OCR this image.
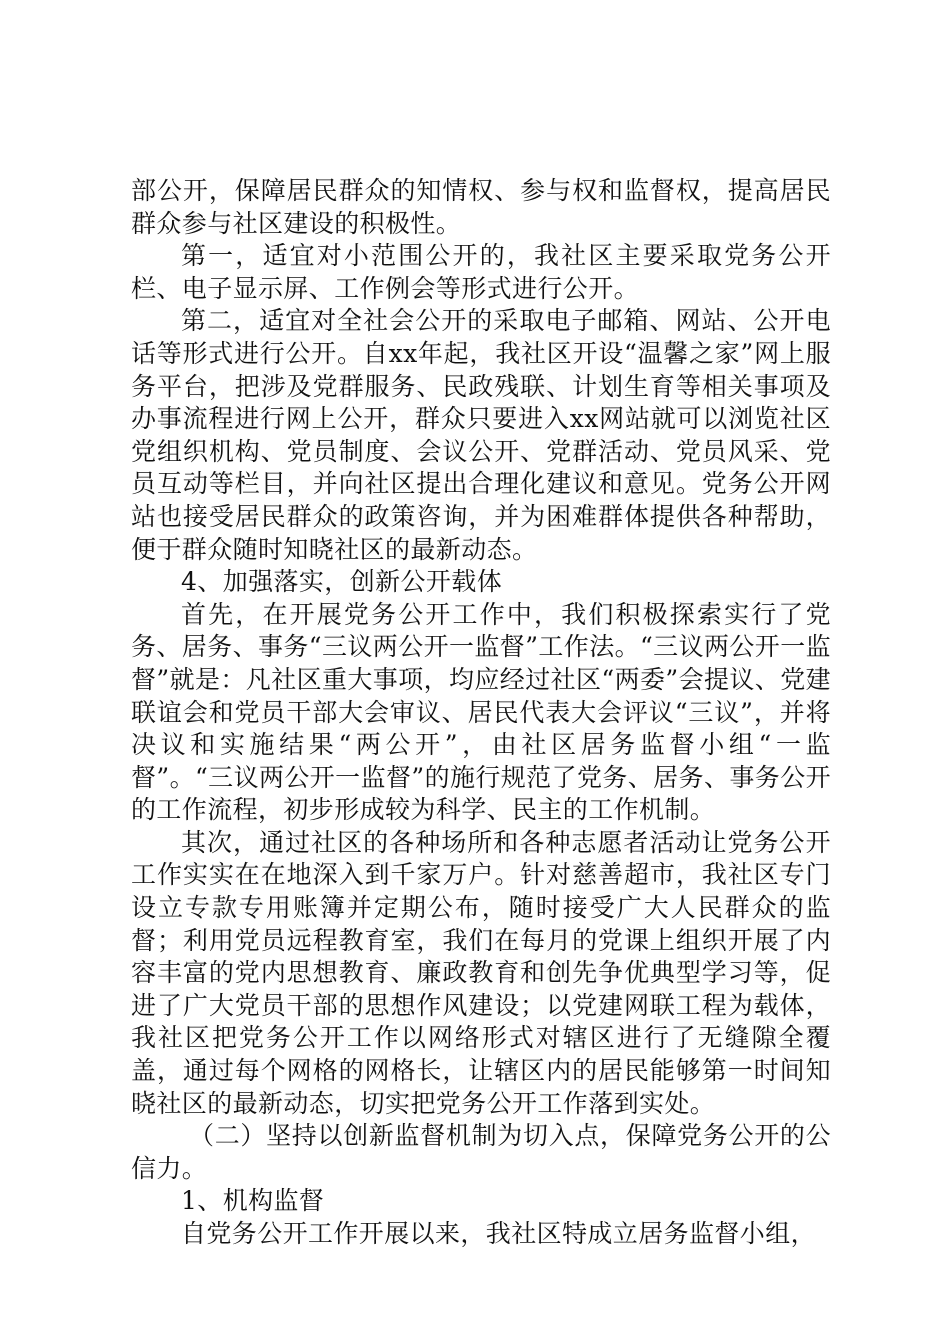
部公开，保障居民群众的知情权、参与权和监督权，提高居民群众参与社区建设的积极性。

第一，适宜对小范围公开的，我社区主要采取党务公开栏、电子显示屏、工作例会等形式进行公开。

第二，适宜对全社会公开的采取电子邮箱、网站、公开电话等形式进行公开。自xx年起，我社区开设“温馨之家”网上服务平台，把涉及党群服务、民政残联、计划生育等相关事项及办事流程进行网上公开，群众只要进入xx网站就可以浏览社区党组织机构、党员制度、会议公开、党群活动、党员风采、党员互动等栏目，并向社区提出合理化建议和意见。党务公开网站也接受居民群众的政策咨询，并为困难群体提供各种帮助，便于群众随时知晓社区的最新动态。

4、加强落实，创新公开载体

首先，在开展党务公开工作中，我们积极探索实行了党务、居务、事务“三议两公开一监督”工作法。“三议两公开一监督”就是：凡社区重大事项，均应经过社区“两委”会提议、党建联谊会和党员干部大会审议、居民代表大会评议“三议”，并将决议和实施结果“两公开”，由社区居务监督小组“一监督”。“三议两公开一监督”的施行规范了党务、居务、事务公开的工作流程，初步形成较为科学、民主的工作机制。

其次，通过社区的各种场所和各种志愿者活动让党务公开工作实实在在地深入到千家万户。针对慈善超市，我社区专门设立专款专用账簿并定期公布，随时接受广大人民群众的监督；利用党员远程教育室，我们在每月的党课上组织开展了内容丰富的党内思想教育、廉政教育和创先争优典型学习等，促进了广大党员干部的思想作风建设；以党建网联工程为载体，我社区把党务公开工作以网络形式对辖区进行了无缝隙全覆盖，通过每个网格的网格长，让辖区内的居民能够第一时间知晓社区的最新动态，切实把党务公开工作落到实处。

（二）坚持以创新监督机制为切入点，保障党务公开的公信力。

1、机构监督

自党务公开工作开展以来，我社区特成立居务监督小组，
